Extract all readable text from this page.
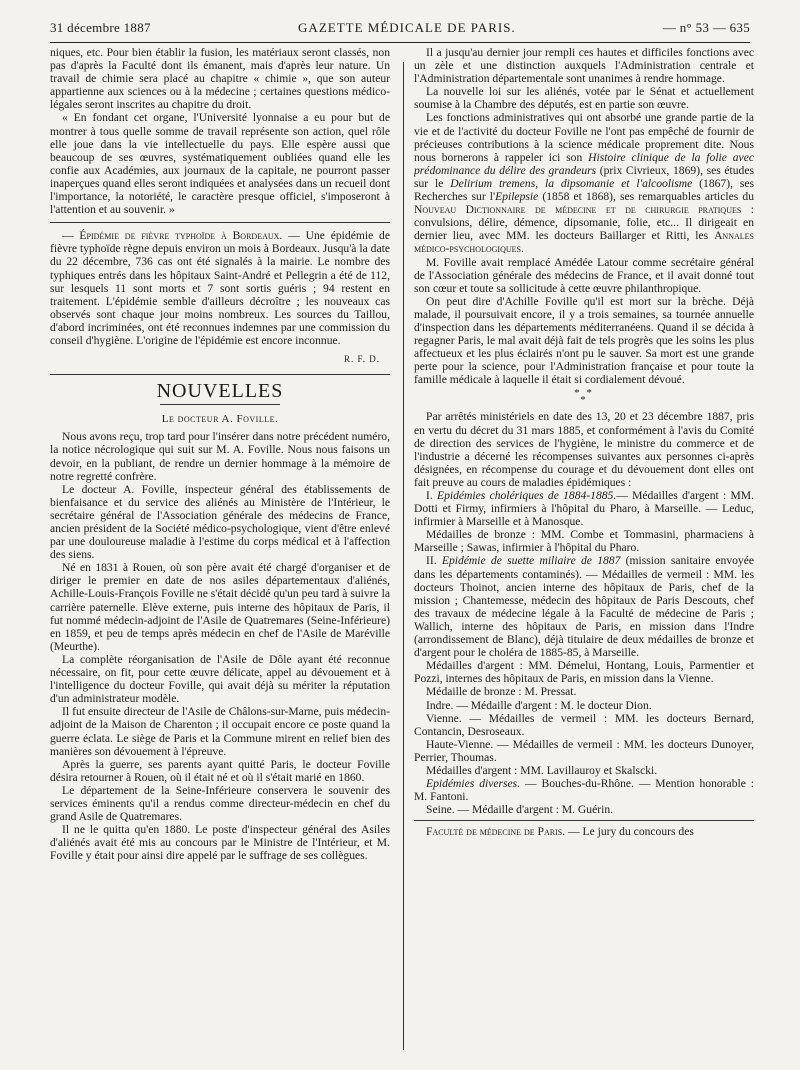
31 décembre 1887	GAZETTE MÉDICALE DE PARIS.	— n° 53 — 635

niques, etc. Pour bien établir la fusion, les matériaux seront classés, non pas d'après la Faculté dont ils émanent, mais d'après leur nature. Un travail de chimie sera placé au chapitre « chimie », que son auteur appartienne aux sciences ou à la médecine ; certaines questions médico-légales seront inscrites au chapitre du droit.

« En fondant cet organe, l'Université lyonnaise a eu pour but de montrer à tous quelle somme de travail représente son action, quel rôle elle joue dans la vie intellectuelle du pays. Elle espère aussi que beaucoup de ses œuvres, systématiquement oubliées quand elle les confie aux Académies, aux journaux de la capitale, ne pourront passer inaperçues quand elles seront indiquées et analysées dans un recueil dont l'importance, la notoriété, le caractère presque officiel, s'imposeront à l'attention et au souvenir. »

— Épidémie de fièvre typhoïde à Bordeaux. — Une épidémie de fièvre typhoïde règne depuis environ un mois à Bordeaux. Jusqu'à la date du 22 décembre, 736 cas ont été signalés à la mairie. Le nombre des typhiques entrés dans les hôpitaux Saint-André et Pellegrin a été de 112, sur lesquels 11 sont morts et 7 sont sortis guéris ; 94 restent en traitement. L'épidémie semble d'ailleurs décroître ; les nouveaux cas observés sont chaque jour moins nombreux. Les sources du Taillou, d'abord incriminées, ont été reconnues indemnes par une commission du conseil d'hygiène. L'origine de l'épidémie est encore inconnue.

R. F. D.
NOUVELLES
Le docteur A. Foville.

Nous avons reçu, trop tard pour l'insérer dans notre précédent numéro, la notice nécrologique qui suit sur M. A. Foville. Nous nous faisons un devoir, en la publiant, de rendre un dernier hommage à la mémoire de notre regretté confrère.

Le docteur A. Foville, inspecteur général des établissements de bienfaisance et du service des aliénés au Ministère de l'Intérieur, le secrétaire général de l'Association générale des médecins de France, ancien président de la Société médico-psychologique, vient d'être enlevé par une douloureuse maladie à l'estime du corps médical et à l'affection des siens.

Né en 1831 à Rouen, où son père avait été chargé d'organiser et de diriger le premier en date de nos asiles départementaux d'aliénés, Achille-Louis-François Foville ne s'était décidé qu'un peu tard à suivre la carrière paternelle. Elève externe, puis interne des hôpitaux de Paris, il fut nommé médecin-adjoint de l'Asile de Quatremares (Seine-Inférieure) en 1859, et peu de temps après médecin en chef de l'Asile de Maréville (Meurthe).

La complète réorganisation de l'Asile de Dôle ayant été reconnue nécessaire, on fit, pour cette œuvre délicate, appel au dévouement et à l'intelligence du docteur Foville, qui avait déjà su mériter la réputation d'un administrateur modèle.

Il fut ensuite directeur de l'Asile de Châlons-sur-Marne, puis médecin-adjoint de la Maison de Charenton ; il occupait encore ce poste quand la guerre éclata. Le siège de Paris et la Commune mirent en relief bien des manières son dévouement à l'épreuve.

Après la guerre, ses parents ayant quitté Paris, le docteur Foville désira retourner à Rouen, où il était né et où il s'était marié en 1860.

Le département de la Seine-Inférieure conservera le souvenir des services éminents qu'il a rendus comme directeur-médecin en chef du grand Asile de Quatremares.

Il ne le quitta qu'en 1880. Le poste d'inspecteur général des Asiles d'aliénés avait été mis au concours par le Ministre de l'Intérieur, et M. Foville y était pour ainsi dire appelé par le suffrage de ses collègues.

Il a jusqu'au dernier jour rempli ces hautes et difficiles fonctions avec un zèle et une distinction auxquels l'Administration centrale et l'Administration départementale sont unanimes à rendre hommage.

La nouvelle loi sur les aliénés, votée par le Sénat et actuellement soumise à la Chambre des députés, est en partie son œuvre.

Les fonctions administratives qui ont absorbé une grande partie de la vie et de l'activité du docteur Foville ne l'ont pas empêché de fournir de précieuses contributions à la science médicale proprement dite. Nous nous bornerons à rappeler ici son Histoire clinique de la folie avec prédominance du délire des grandeurs (prix Civrieux, 1869), ses études sur le Delirium tremens, la dipsomanie et l'alcoolisme (1867), ses Recherches sur l'Epilepsie (1858 et 1868), ses remarquables articles du Nouveau Dictionnaire de médecine et de chirurgie pratiques : convulsions, délire, démence, dipsomanie, folie, etc... Il dirigeait en dernier lieu, avec MM. les docteurs Baillarger et Ritti, les Annales médico-psychologiques.

M. Foville avait remplacé Amédée Latour comme secrétaire général de l'Association générale des médecins de France, et il avait donné tout son cœur et toute sa sollicitude à cette œuvre philanthropique.

On peut dire d'Achille Foville qu'il est mort sur la brèche. Déjà malade, il poursuivait encore, il y a trois semaines, sa tournée annuelle d'inspection dans les départements méditerranéens. Quand il se décida à regagner Paris, le mal avait déjà fait de tels progrès que les soins les plus affectueux et les plus éclairés n'ont pu le sauver. Sa mort est une grande perte pour la science, pour l'Administration française et pour toute la famille médicale à laquelle il était si cordialement dévoué.

* *
*

Par arrêtés ministériels en date des 13, 20 et 23 décembre 1887, pris en vertu du décret du 31 mars 1885, et conformément à l'avis du Comité de direction des services de l'hygiène, le ministre du commerce et de l'industrie a décerné les récompenses suivantes aux personnes ci-après désignées, en récompense du courage et du dévouement dont elles ont fait preuve au cours de maladies épidémiques :

I. Epidémies cholériques de 1884-1885.— Médailles d'argent : MM. Dotti et Firmy, infirmiers à l'hôpital du Pharo, à Marseille. — Leduc, infirmier à Marseille et à Manosque.

Médailles de bronze : MM. Combe et Tommasini, pharmaciens à Marseille ; Sawas, infirmier à l'hôpital du Pharo.

II. Epidémie de suette miliaire de 1887 (mission sanitaire envoyée dans les départements contaminés). — Médailles de vermeil : MM. les docteurs Thoinot, ancien interne des hôpitaux de Paris, chef de la mission ; Chantemesse, médecin des hôpitaux de Paris Descouts, chef des travaux de médecine légale à la Faculté de médecine de Paris ; Wallich, interne des hôpitaux de Paris, en mission dans l'Indre (arrondissement de Blanc), déjà titulaire de deux médailles de bronze et d'argent pour le choléra de 1885-85, à Marseille.

Médailles d'argent : MM. Démelui, Hontang, Louis, Parmentier et Pozzi, internes des hôpitaux de Paris, en mission dans la Vienne.

Médaille de bronze : M. Pressat.

Indre. — Médaille d'argent : M. le docteur Dion.

Vienne. — Médailles de vermeil : MM. les docteurs Bernard, Contancin, Desroseaux.

Haute-Vienne. — Médailles de vermeil : MM. les docteurs Dunoyer, Perrier, Thoumas.

Médailles d'argent : MM. Lavillauroy et Skalscki.

Epidémies diverses. — Bouches-du-Rhône. — Mention honorable : M. Fantoni.

Seine. — Médaille d'argent : M. Guérin.

Faculté de médecine de Paris. — Le jury du concours des
